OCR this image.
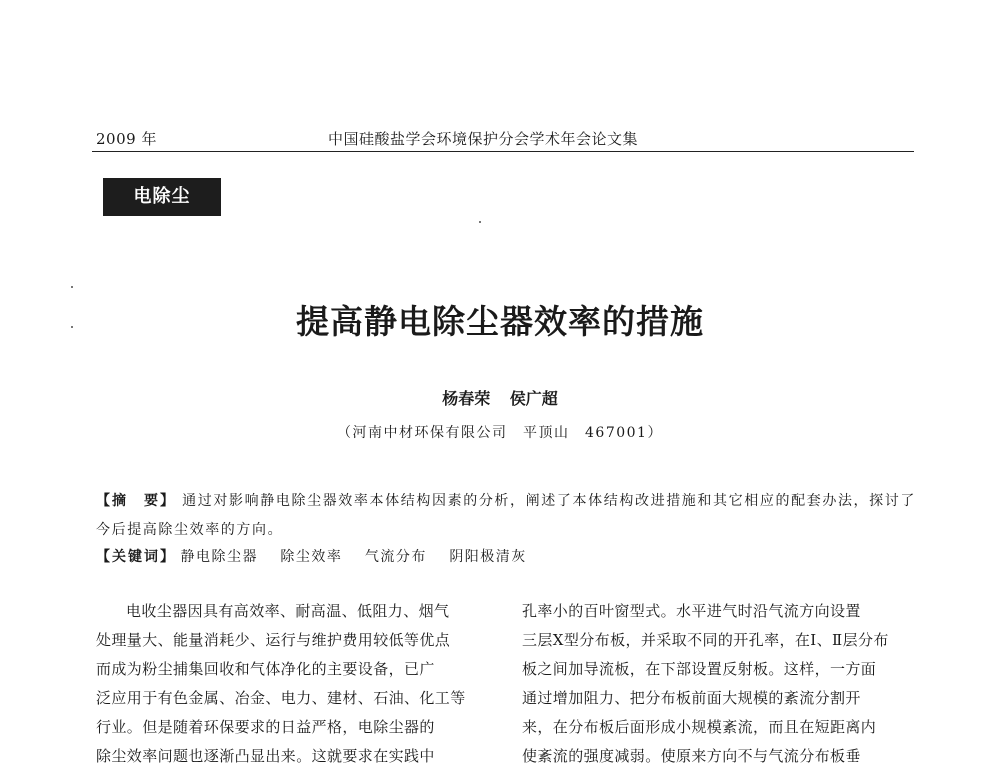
2009 年	中国硅酸盐学会环境保护分会学术年会论文集
电除尘
提高静电除尘器效率的措施
杨春荣 侯广超
（河南中材环保有限公司　平顶山　467001）
【摘　要】 通过对影响静电除尘器效率本体结构因素的分析，阐述了本体结构改进措施和其它相应的配套办法，探讨了今后提高除尘效率的方向。
【关键词】 静电除尘器 除尘效率 气流分布 阴阳极清灰
电收尘器因具有高效率、耐高温、低阻力、烟气
处理量大、能量消耗少、运行与维护费用较低等优点
而成为粉尘捕集回收和气体净化的主要设备，已广
泛应用于有色金属、冶金、电力、建材、石油、化工等
行业。但是随着环保要求的日益严格，电除尘器的
除尘效率问题也逐渐凸显出来。这就要求在实践中
孔率小的百叶窗型式。水平进气时沿气流方向设置
三层X型分布板，并采取不同的开孔率，在Ⅰ、Ⅱ层分布
板之间加导流板，在下部设置反射板。这样，一方面
通过增加阻力、把分布板前面大规模的紊流分割开
来，在分布板后面形成小规模紊流，而且在短距离内
使紊流的强度减弱。使原来方向不与气流分布板垂
